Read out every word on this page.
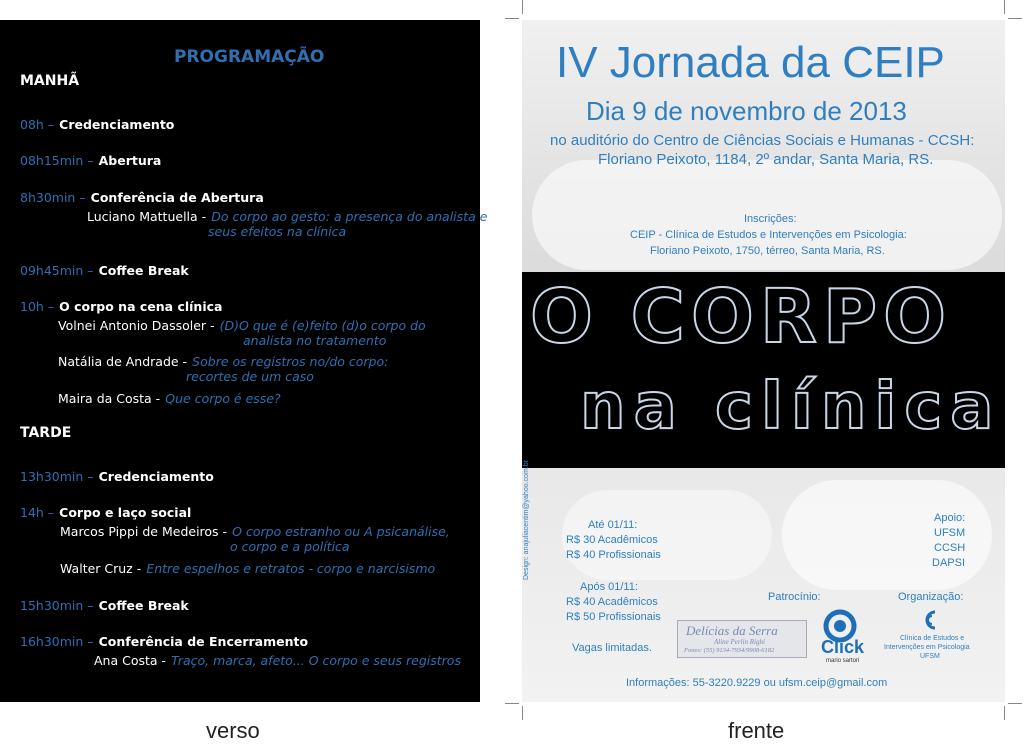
PROGRAMAÇÃO
MANHÃ
08h – Credenciamento
08h15min – Abertura
8h30min – Conferência de Abertura
Luciano Mattuella - Do corpo ao gesto: a presença do analista e
seus efeitos na clínica
09h45min – Coffee Break
10h – O corpo na cena clínica
Volnei Antonio Dassoler - (D)O que é (e)feito (d)o corpo do
analista no tratamento
Natália de Andrade - Sobre os registros no/do corpo:
recortes de um caso
Maira da Costa - Que corpo é esse?
TARDE
13h30min – Credenciamento
14h – Corpo e laço social
Marcos Pippi de Medeiros - O corpo estranho ou A psicanálise,
o corpo e a política
Walter Cruz - Entre espelhos e retratos - corpo e narcisismo
15h30min – Coffee Break
16h30min – Conferência de Encerramento
Ana Costa - Traço, marca, afeto... O corpo e seus registros
verso
IV Jornada da CEIP
Dia 9 de novembro de 2013
no auditório do Centro de Ciências Sociais e Humanas - CCSH:
Floriano Peixoto, 1184, 2º andar, Santa Maria, RS.
Inscrições:
CEIP - Clínica de Estudos e Intervenções em Psicologia:
Floriano Peixoto, 1750, térreo, Santa Maria, RS.
O CORPO
na clínica
Design: anajuliacentim@yahoo.com.br	Até 01/11:
R$ 30 Acadêmicos
R$ 40 Profissionais
Após 01/11:
R$ 40 Acadêmicos
R$ 50 Profissionais
Vagas limitadas.
Patrocínio:
Delícias da Serra
Aline Perlin Righi
Fones: (55) 9134-7934/9908-6182	Click
mario sartori
Apoio:
UFSM
CCSH
DAPSI
Organização:
Clínica de Estudos e
Intervenções em Psicologia
UFSM
Informações: 55-3220.9229 ou ufsm.ceip@gmail.com
frente
